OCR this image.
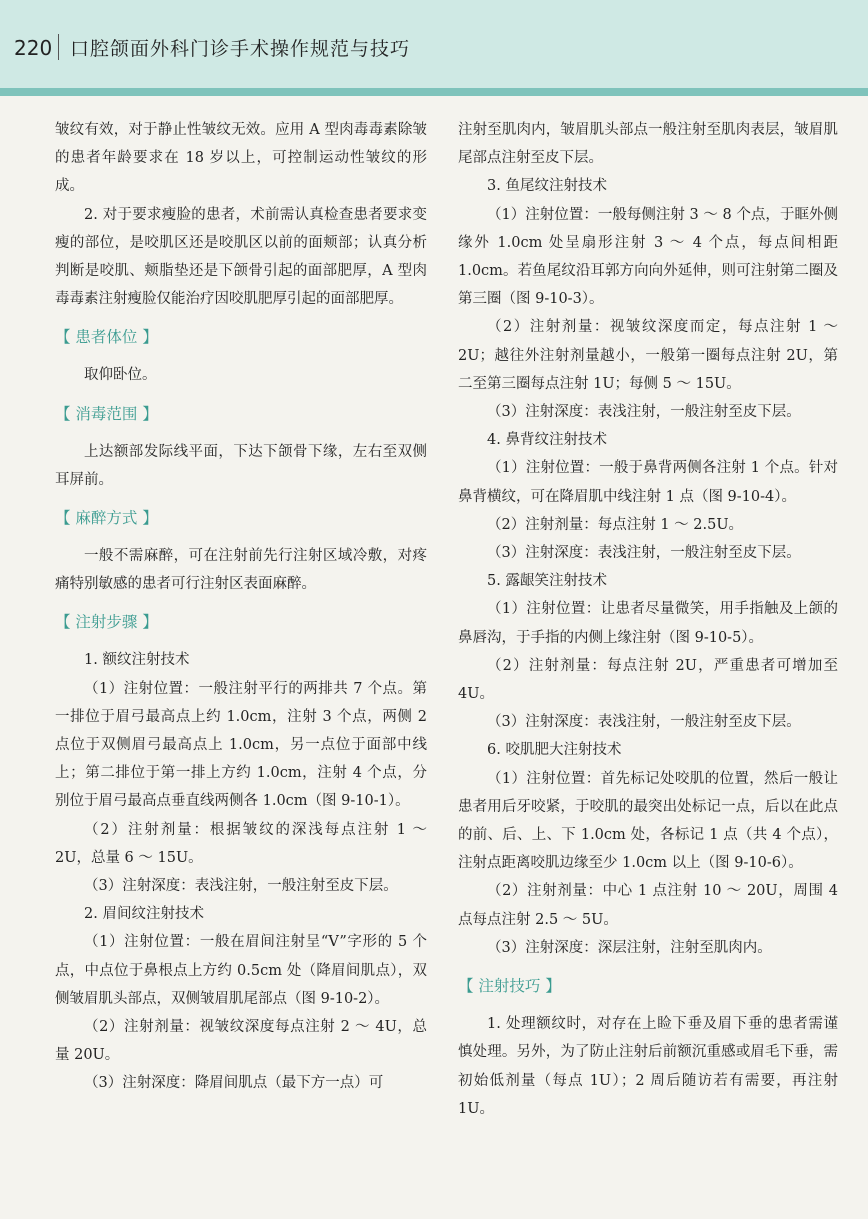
220 口腔颌面外科门诊手术操作规范与技巧

皱纹有效，对于静止性皱纹无效。应用 A 型肉毒毒素除皱的患者年龄要求在 18 岁以上，可控制运动性皱纹的形成。

2. 对于要求瘦脸的患者，术前需认真检查患者要求变瘦的部位，是咬肌区还是咬肌区以前的面颊部；认真分析判断是咬肌、颊脂垫还是下颌骨引起的面部肥厚，A 型肉毒毒素注射瘦脸仅能治疗因咬肌肥厚引起的面部肥厚。

【 患者体位 】

取仰卧位。

【 消毒范围 】

上达额部发际线平面，下达下颌骨下缘，左右至双侧耳屏前。

【 麻醉方式 】

一般不需麻醉，可在注射前先行注射区域冷敷，对疼痛特别敏感的患者可行注射区表面麻醉。

【 注射步骤 】

1. 额纹注射技术

（1）注射位置：一般注射平行的两排共 7 个点。第一排位于眉弓最高点上约 1.0cm，注射 3 个点，两侧 2 点位于双侧眉弓最高点上 1.0cm，另一点位于面部中线上；第二排位于第一排上方约 1.0cm，注射 4 个点，分别位于眉弓最高点垂直线两侧各 1.0cm（图 9-10-1）。

（2）注射剂量：根据皱纹的深浅每点注射 1 ～ 2U，总量 6 ～ 15U。

（3）注射深度：表浅注射，一般注射至皮下层。

2. 眉间纹注射技术

（1）注射位置：一般在眉间注射呈“V”字形的 5 个点，中点位于鼻根点上方约 0.5cm 处（降眉间肌点），双侧皱眉肌头部点，双侧皱眉肌尾部点（图 9-10-2）。

（2）注射剂量：视皱纹深度每点注射 2 ～ 4U，总量 20U。

（3）注射深度：降眉间肌点（最下方一点）可

注射至肌肉内，皱眉肌头部点一般注射至肌肉表层，皱眉肌尾部点注射至皮下层。

3. 鱼尾纹注射技术

（1）注射位置：一般每侧注射 3 ～ 8 个点，于眶外侧缘外 1.0cm 处呈扇形注射 3 ～ 4 个点，每点间相距 1.0cm。若鱼尾纹沿耳郭方向向外延伸，则可注射第二圈及第三圈（图 9-10-3）。

（2）注射剂量：视皱纹深度而定，每点注射 1 ～ 2U；越往外注射剂量越小，一般第一圈每点注射 2U，第二至第三圈每点注射 1U；每侧 5 ～ 15U。

（3）注射深度：表浅注射，一般注射至皮下层。

4. 鼻背纹注射技术

（1）注射位置：一般于鼻背两侧各注射 1 个点。针对鼻背横纹，可在降眉肌中线注射 1 点（图 9-10-4）。

（2）注射剂量：每点注射 1 ～ 2.5U。

（3）注射深度：表浅注射，一般注射至皮下层。

5. 露龈笑注射技术

（1）注射位置：让患者尽量微笑，用手指触及上颌的鼻唇沟，于手指的内侧上缘注射（图 9-10-5）。

（2）注射剂量：每点注射 2U，严重患者可增加至 4U。

（3）注射深度：表浅注射，一般注射至皮下层。

6. 咬肌肥大注射技术

（1）注射位置：首先标记处咬肌的位置，然后一般让患者用后牙咬紧，于咬肌的最突出处标记一点，后以在此点的前、后、上、下 1.0cm 处，各标记 1 点（共 4 个点），注射点距离咬肌边缘至少 1.0cm 以上（图 9-10-6）。

（2）注射剂量：中心 1 点注射 10 ～ 20U，周围 4 点每点注射 2.5 ～ 5U。

（3）注射深度：深层注射，注射至肌肉内。

【 注射技巧 】

1. 处理额纹时，对存在上睑下垂及眉下垂的患者需谨慎处理。另外，为了防止注射后前额沉重感或眉毛下垂，需初始低剂量（每点 1U）；2 周后随访若有需要，再注射 1U。
